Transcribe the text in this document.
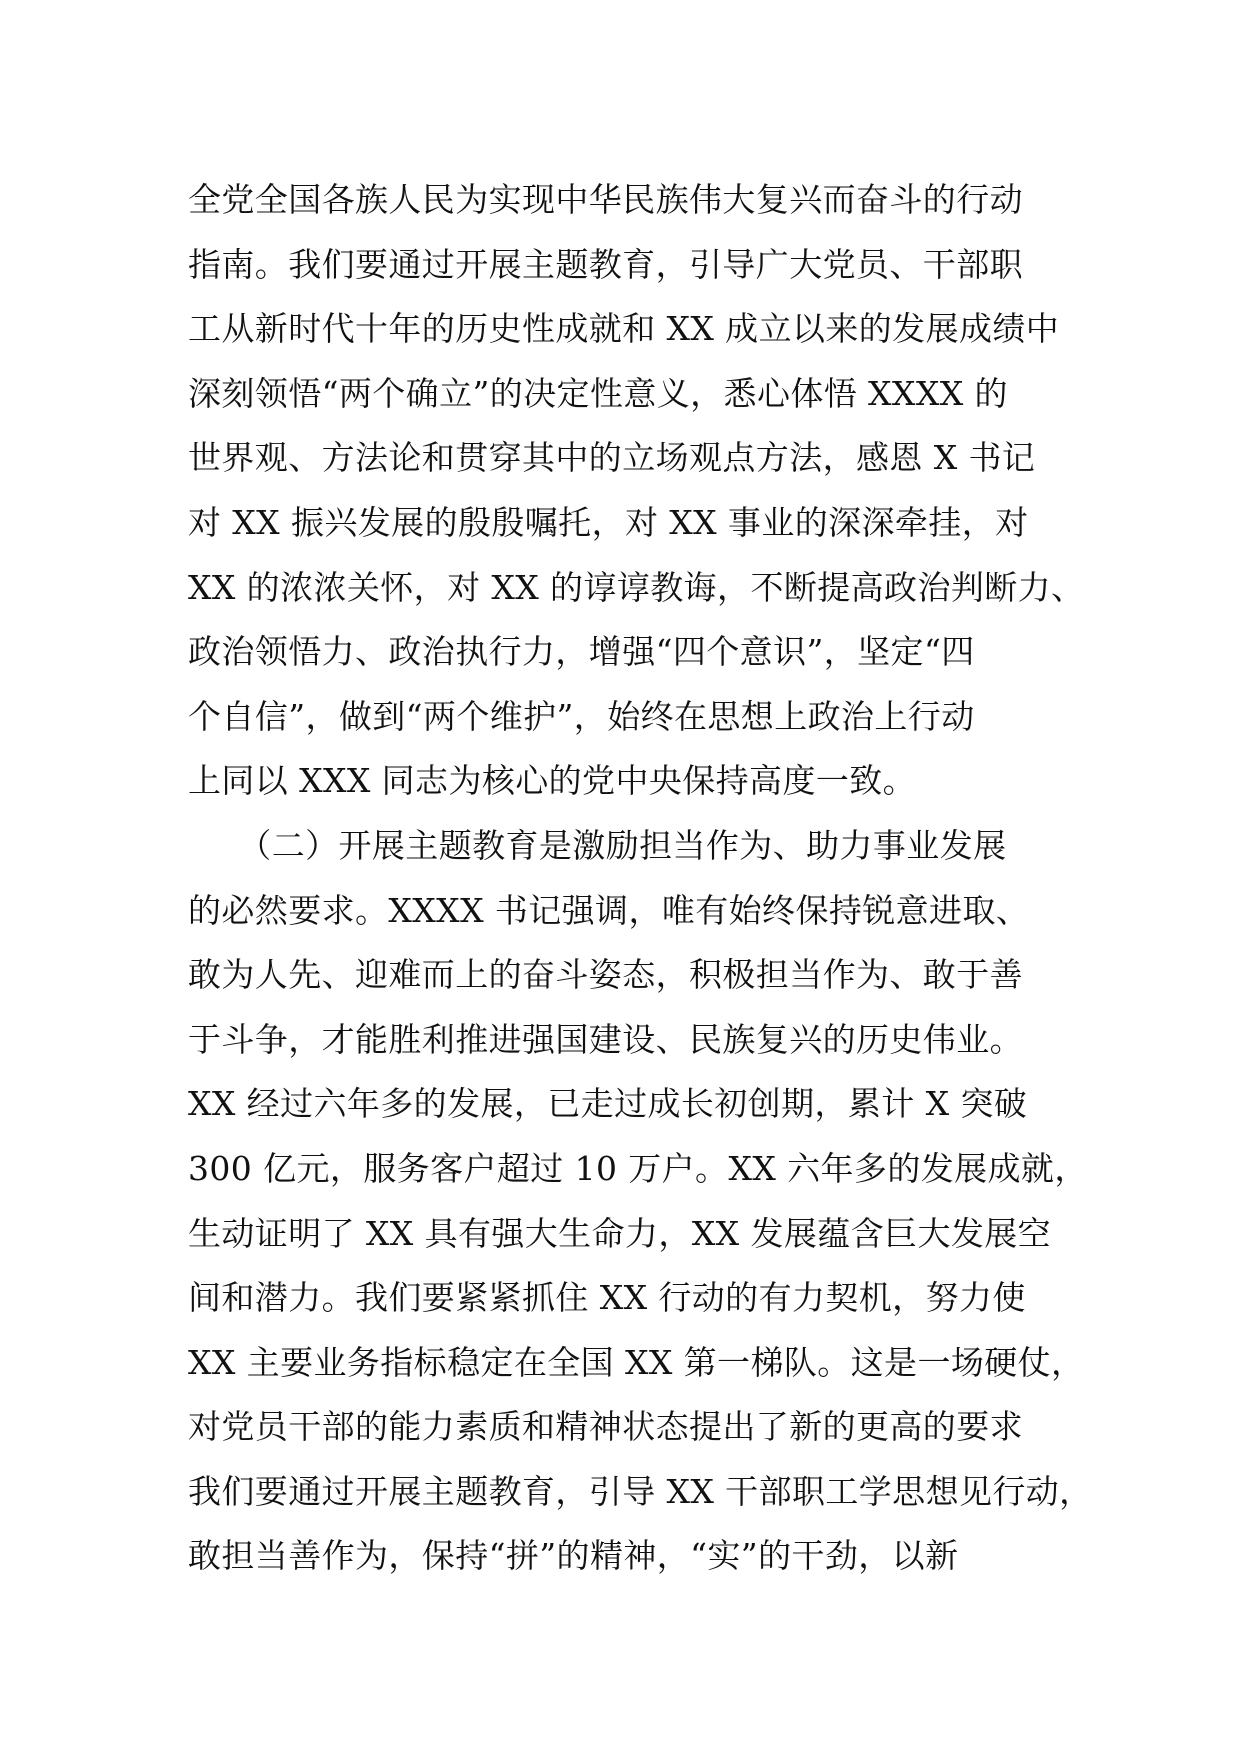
全党全国各族人民为实现中华民族伟大复兴而奋斗的行动
指南。我们要通过开展主题教育，引导广大党员、干部职
工从新时代十年的历史性成就和 XX 成立以来的发展成绩中
深刻领悟“两个确立”的决定性意义，悉心体悟 XXXX 的
世界观、方法论和贯穿其中的立场观点方法，感恩 X 书记
对 XX 振兴发展的殷殷嘱托，对 XX 事业的深深牵挂，对
XX 的浓浓关怀，对 XX 的谆谆教诲，不断提高政治判断力、
政治领悟力、政治执行力，增强“四个意识”，坚定“四
个自信”，做到“两个维护”，始终在思想上政治上行动
上同以 XXX 同志为核心的党中央保持高度一致。
　　（二）开展主题教育是激励担当作为、助力事业发展
的必然要求。XXXX 书记强调，唯有始终保持锐意进取、
敢为人先、迎难而上的奋斗姿态，积极担当作为、敢于善
于斗争，才能胜利推进强国建设、民族复兴的历史伟业。
XX 经过六年多的发展，已走过成长初创期，累计 X 突破
300 亿元，服务客户超过 10 万户。XX 六年多的发展成就，
生动证明了 XX 具有强大生命力，XX 发展蕴含巨大发展空
间和潜力。我们要紧紧抓住 XX 行动的有力契机，努力使
XX 主要业务指标稳定在全国 XX 第一梯队。这是一场硬仗，
对党员干部的能力素质和精神状态提出了新的更高的要求
我们要通过开展主题教育，引导 XX 干部职工学思想见行动，
敢担当善作为，保持“拼”的精神，“实”的干劲，以新
